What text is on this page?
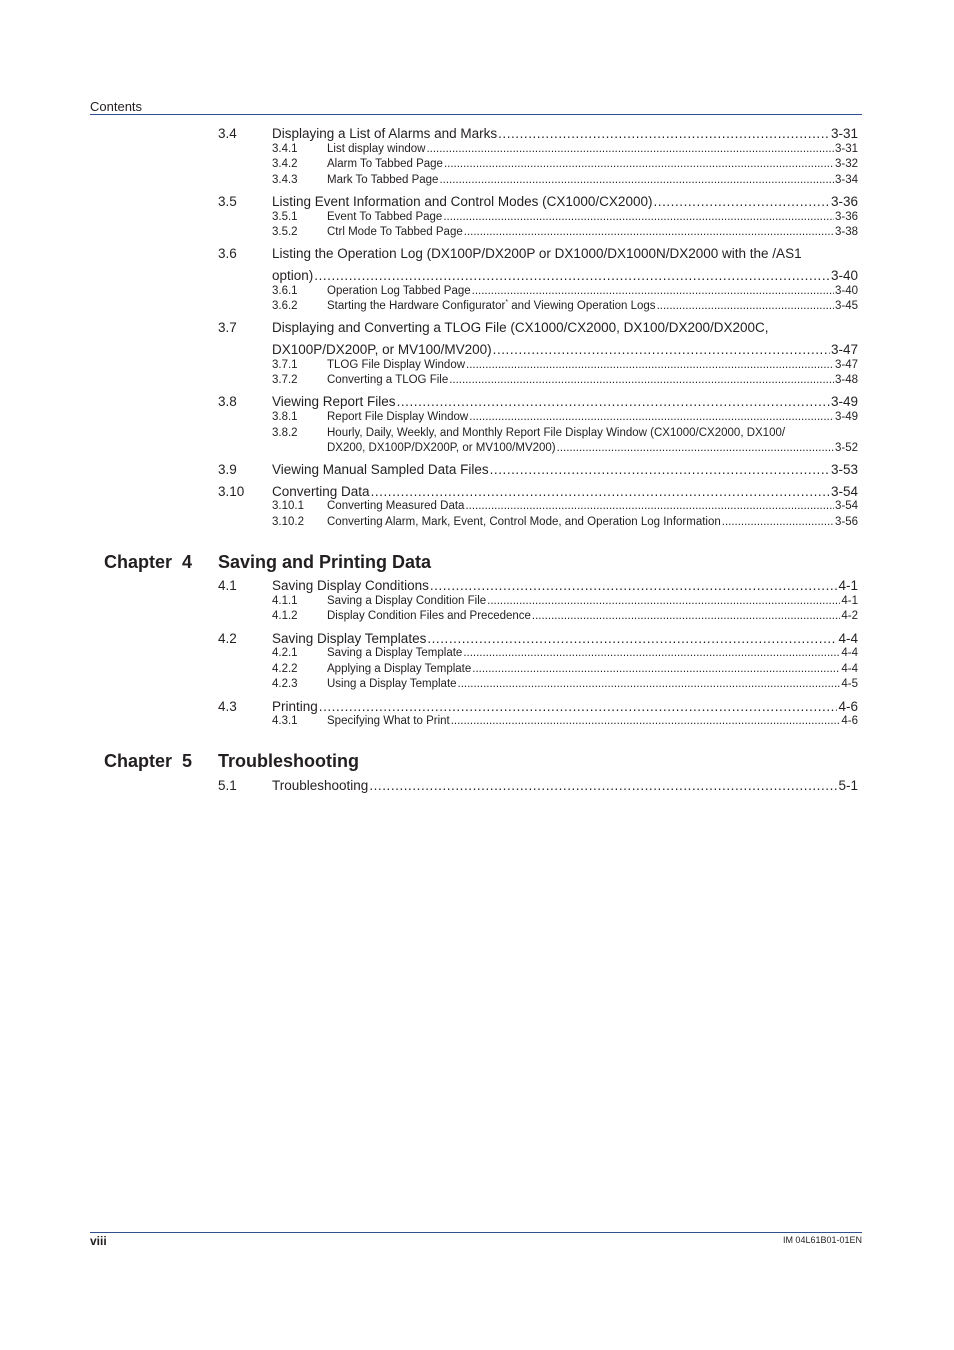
Contents
3.4	Displaying a List of Alarms and Marks . . .	3-31
3.4.1	List display window . . .	3-31
3.4.2	Alarm To Tabbed Page . . .	3-32
3.4.3	Mark To Tabbed Page . . .	3-34
3.5	Listing Event Information and Control Modes (CX1000/CX2000) . . .	3-36
3.5.1	Event To Tabbed Page . . .	3-36
3.5.2	Ctrl Mode To Tabbed Page . . .	3-38
3.6	Listing the Operation Log (DX100P/DX200P or DX1000/DX1000N/DX2000 with the /AS1
option) . . .	3-40
3.6.1	Operation Log Tabbed Page . . .	3-40
3.6.2	Starting the Hardware Configurator* and Viewing Operation Logs . . .	3-45
3.7	Displaying and Converting a TLOG File (CX1000/CX2000, DX100/DX200/DX200C,
DX100P/DX200P, or MV100/MV200) . . .	3-47
3.7.1	TLOG File Display Window . . .	3-47
3.7.2	Converting a TLOG File . . .	3-48
3.8	Viewing Report Files . . .	3-49
3.8.1	Report File Display Window . . .	3-49
3.8.2	Hourly, Daily, Weekly, and Monthly Report File Display Window (CX1000/CX2000, DX100/
DX200, DX100P/DX200P, or MV100/MV200) . . .	3-52
3.9	Viewing Manual Sampled Data Files . . .	3-53
3.10 Converting Data . . .	3-54
3.10.1 Converting Measured Data . . .	3-54
3.10.2 Converting Alarm, Mark, Event, Control Mode, and Operation Log Information . . .	3-56
Chapter  4 Saving and Printing Data
4.1	Saving Display Conditions . . .	4-1
4.1.1	Saving a Display Condition File . . .	4-1
4.1.2	Display Condition Files and Precedence . . .	4-2
4.2	Saving Display Templates . . .	4-4
4.2.1	Saving a Display Template . . .	4-4
4.2.2	Applying a Display Template . . .	4-4
4.2.3	Using a Display Template . . .	4-5
4.3	Printing . . .	4-6
4.3.1	Specifying What to Print . . .	4-6
Chapter  5 Troubleshooting
5.1	Troubleshooting . . .	5-1
viii	IM 04L61B01-01EN
